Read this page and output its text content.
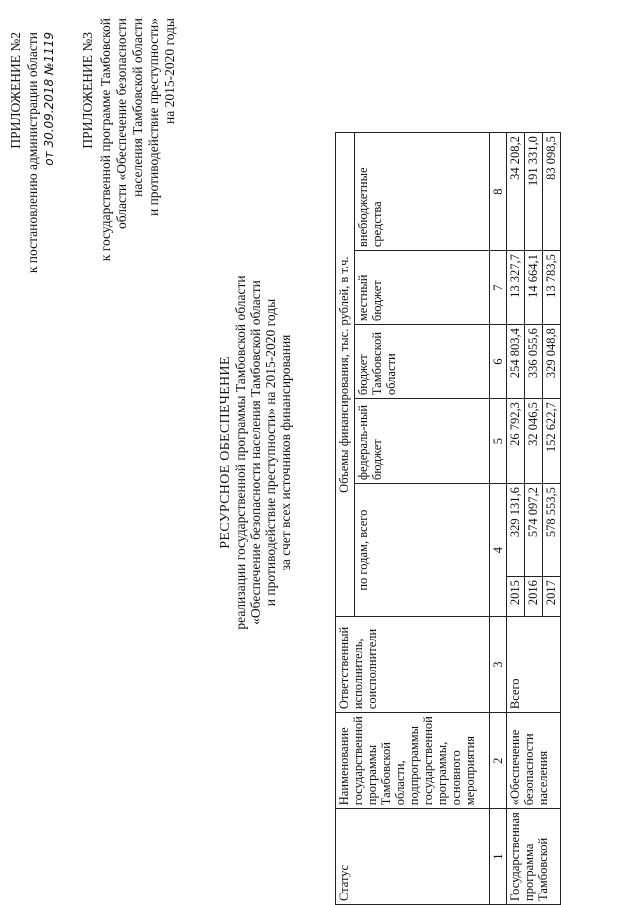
ПРИЛОЖЕНИЕ №2 к постановлению администрации области от 30.09.2018 №1119 ПРИЛОЖЕНИЕ №3 к государственной программе Тамбовской области «Обеспечение безопасности населения Тамбовской области и противодействие преступности» на 2015-2020 годы
РЕСУРСНОЕ ОБЕСПЕЧЕНИЕ реализации государственной программы Тамбовской области «Обеспечение безопасности населения Тамбовской области и противодействие преступности» на 2015-2020 годы за счет всех источников финансирования
Статус	Наименование государственной программы Тамбовской области, подпрограммы государственной программы, основного мероприятия	Ответственный исполнитель, соисполнители	Объемы финансирования, тыс. рублей, в т.ч.					
			по годам, всего		федераль-ный бюджет	бюджет Тамбовской области	местный бюджет	внебюджетные средства
1	2	3	4		5	6	7	8
Государственная программа Тамбовской	«Обеспечение безопасности населения	Всего	2015	329 131,6	26 792,3	254 803,4	13 327,7	34 208,2
			2016	574 097,2	32 046,5	336 055,6	14 664,1	191 331,0
			2017	578 553,5	152 622,7	329 048,8	13 783,5	83 098,5
